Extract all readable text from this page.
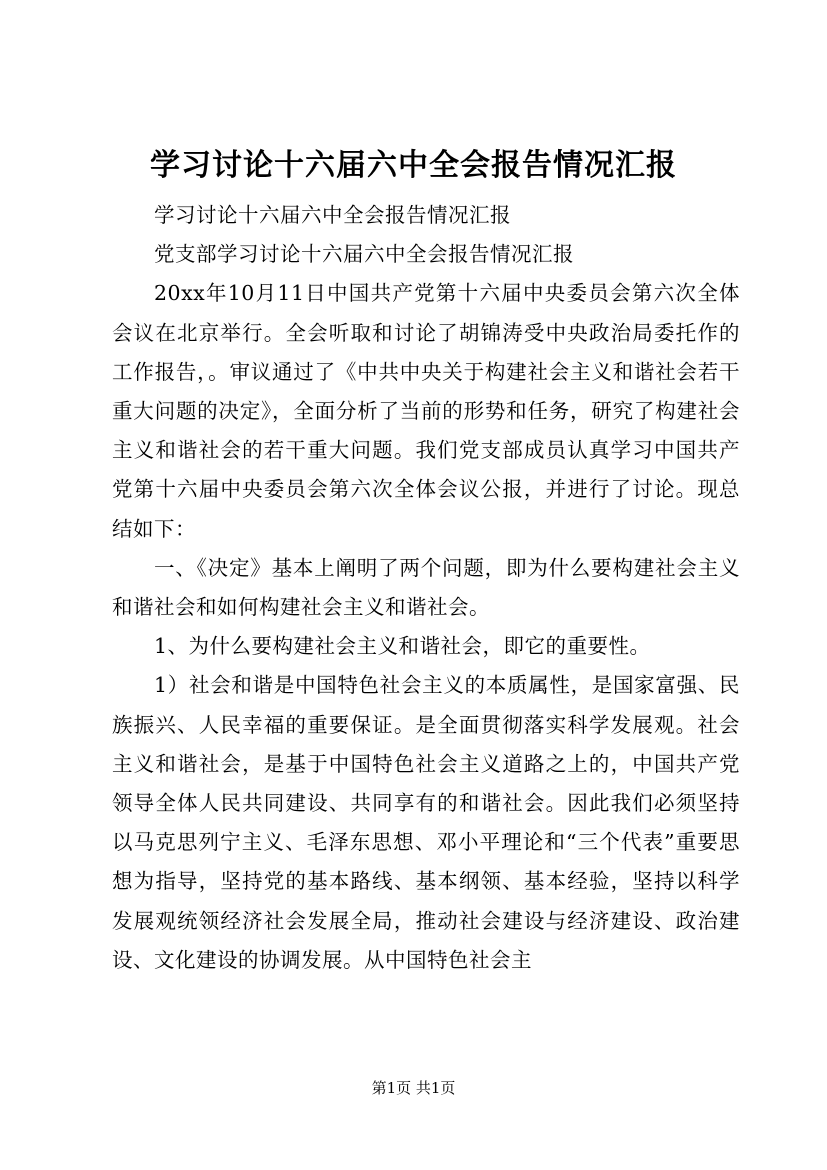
学习讨论十六届六中全会报告情况汇报

学习讨论十六届六中全会报告情况汇报

党支部学习讨论十六届六中全会报告情况汇报

20xx年10月11日中国共产党第十六届中央委员会第六次全体会议在北京举行。全会听取和讨论了胡锦涛受中央政治局委托作的工作报告，。审议通过了《中共中央关于构建社会主义和谐社会若干重大问题的决定》，全面分析了当前的形势和任务，研究了构建社会主义和谐社会的若干重大问题。我们党支部成员认真学习中国共产党第十六届中央委员会第六次全体会议公报，并进行了讨论。现总结如下：

一、《决定》基本上阐明了两个问题，即为什么要构建社会主义和谐社会和如何构建社会主义和谐社会。

1、为什么要构建社会主义和谐社会，即它的重要性。

1）社会和谐是中国特色社会主义的本质属性，是国家富强、民族振兴、人民幸福的重要保证。是全面贯彻落实科学发展观。社会主义和谐社会，是基于中国特色社会主义道路之上的，中国共产党领导全体人民共同建设、共同享有的和谐社会。因此我们必须坚持以马克思列宁主义、毛泽东思想、邓小平理论和“三个代表”重要思想为指导，坚持党的基本路线、基本纲领、基本经验，坚持以科学发展观统领经济社会发展全局，推动社会建设与经济建设、政治建设、文化建设的协调发展。从中国特色社会主

第1页 共1页
